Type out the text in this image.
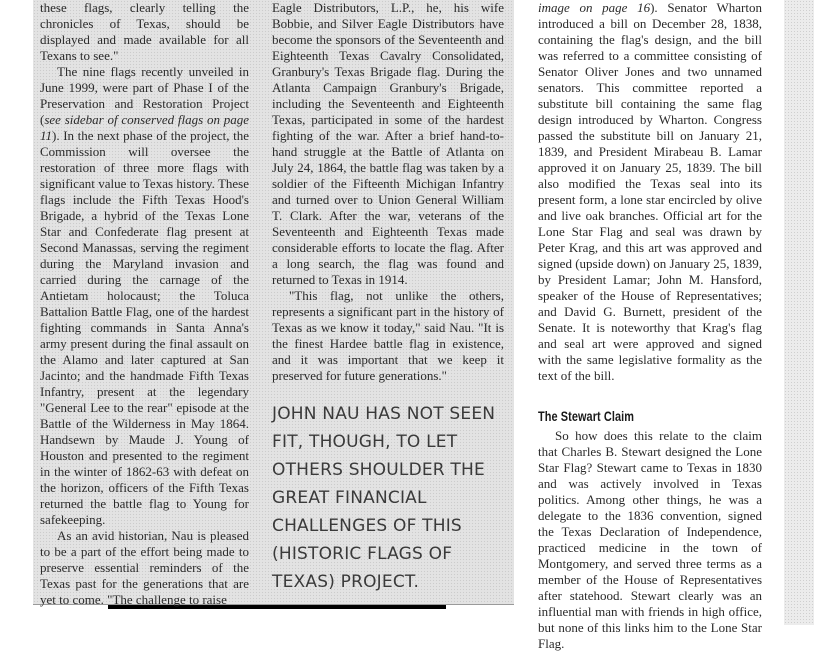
these flags, clearly telling the chronicles of Texas, should be displayed and made available for all Texans to see."

The nine flags recently unveiled in June 1999, were part of Phase I of the Preservation and Restoration Project (see sidebar of conserved flags on page 11). In the next phase of the project, the Commission will oversee the restoration of three more flags with significant value to Texas history. These flags include the Fifth Texas Hood's Brigade, a hybrid of the Texas Lone Star and Confederate flag present at Second Manassas, serving the regiment during the Maryland invasion and carried during the carnage of the Antietam holocaust; the Toluca Battalion Battle Flag, one of the hardest fighting commands in Santa Anna's army present during the final assault on the Alamo and later captured at San Jacinto; and the handmade Fifth Texas Infantry, present at the legendary "General Lee to the rear" episode at the Battle of the Wilderness in May 1864. Handsewn by Maude J. Young of Houston and presented to the regiment in the winter of 1862-63 with defeat on the horizon, officers of the Fifth Texas returned the battle flag to Young for safekeeping.

As an avid historian, Nau is pleased to be a part of the effort being made to preserve essential reminders of the Texas past for the generations that are yet to come. "The challenge to raise

Eagle Distributors, L.P., he, his wife Bobbie, and Silver Eagle Distributors have become the sponsors of the Seventeenth and Eighteenth Texas Cavalry Consolidated, Granbury's Texas Brigade flag. During the Atlanta Campaign Granbury's Brigade, including the Seventeenth and Eighteenth Texas, participated in some of the hardest fighting of the war. After a brief hand-to-hand struggle at the Battle of Atlanta on July 24, 1864, the battle flag was taken by a soldier of the Fifteenth Michigan Infantry and turned over to Union General William T. Clark. After the war, veterans of the Seventeenth and Eighteenth Texas made considerable efforts to locate the flag. After a long search, the flag was found and returned to Texas in 1914.

"This flag, not unlike the others, represents a significant part in the history of Texas as we know it today," said Nau. "It is the finest Hardee battle flag in existence, and it was important that we keep it preserved for future generations."

JOHN NAU HAS NOT SEEN

FIT, THOUGH, TO LET

OTHERS SHOULDER THE

GREAT FINANCIAL

CHALLENGES OF THIS

(HISTORIC FLAGS OF

TEXAS) PROJECT.

image on page 16). Senator Wharton introduced a bill on December 28, 1838, containing the flag's design, and the bill was referred to a committee consisting of Senator Oliver Jones and two unnamed senators. This committee reported a substitute bill containing the same flag design introduced by Wharton. Congress passed the substitute bill on January 21, 1839, and President Mirabeau B. Lamar approved it on January 25, 1839. The bill also modified the Texas seal into its present form, a lone star encircled by olive and live oak branches. Official art for the Lone Star Flag and seal was drawn by Peter Krag, and this art was approved and signed (upside down) on January 25, 1839, by President Lamar; John M. Hansford, speaker of the House of Representatives; and David G. Burnett, president of the Senate. It is noteworthy that Krag's flag and seal art were approved and signed with the same legislative formality as the text of the bill.

The Stewart Claim

So how does this relate to the claim that Charles B. Stewart designed the Lone Star Flag? Stewart came to Texas in 1830 and was actively involved in Texas politics. Among other things, he was a delegate to the 1836 convention, signed the Texas Declaration of Independence, practiced medicine in the town of Montgomery, and served three terms as a member of the House of Representatives after statehood. Stewart clearly was an influential man with friends in high office, but none of this links him to the Lone Star Flag.
